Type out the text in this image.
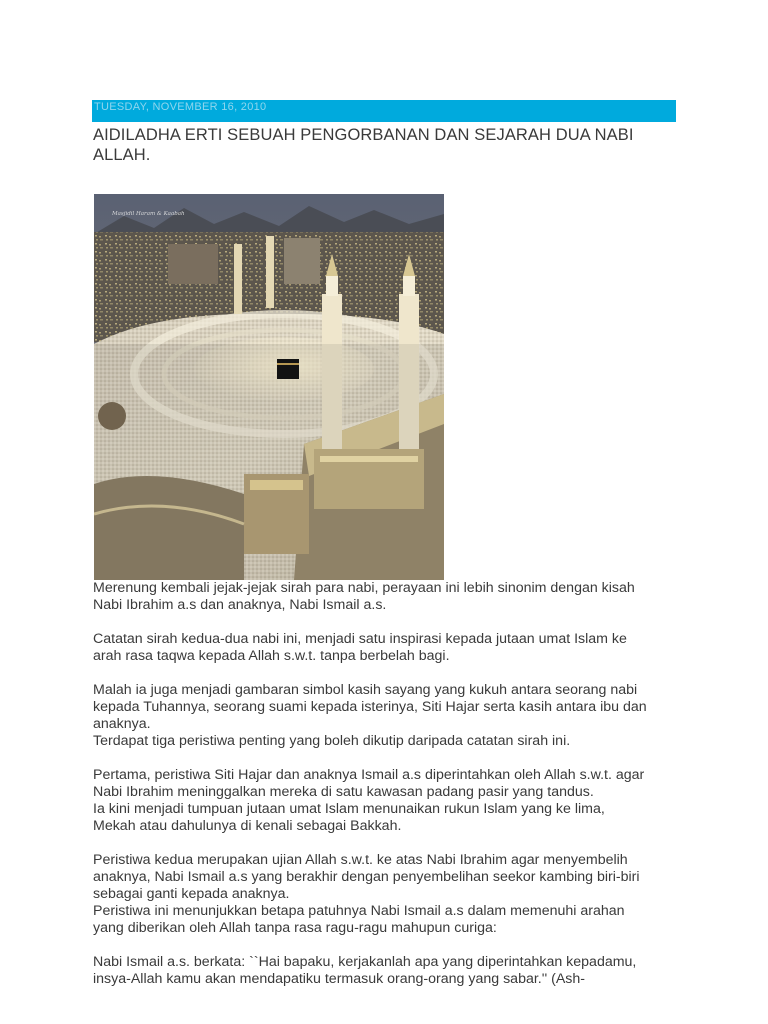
TUESDAY, NOVEMBER 16, 2010
AIDILADHA ERTI SEBUAH PENGORBANAN DAN SEJARAH DUA NABI
ALLAH.
Masjidil Haram & Kaabah

Merenung kembali jejak-jejak sirah para nabi, perayaan ini lebih sinonim dengan kisah
Nabi Ibrahim a.s dan anaknya, Nabi Ismail a.s.

Catatan sirah kedua-dua nabi ini, menjadi satu inspirasi kepada jutaan umat Islam ke
arah rasa taqwa kepada Allah s.w.t. tanpa berbelah bagi.

Malah ia juga menjadi gambaran simbol kasih sayang yang kukuh antara seorang nabi
kepada Tuhannya, seorang suami kepada isterinya, Siti Hajar serta kasih antara ibu dan
anaknya.

Terdapat tiga peristiwa penting yang boleh dikutip daripada catatan sirah ini.

Pertama, peristiwa Siti Hajar dan anaknya Ismail a.s diperintahkan oleh Allah s.w.t. agar
Nabi Ibrahim meninggalkan mereka di satu kawasan padang pasir yang tandus.

Ia kini menjadi tumpuan jutaan umat Islam menunaikan rukun Islam yang ke lima,
Mekah atau dahulunya di kenali sebagai Bakkah.

Peristiwa kedua merupakan ujian Allah s.w.t. ke atas Nabi Ibrahim agar menyembelih
anaknya, Nabi Ismail a.s yang berakhir dengan penyembelihan seekor kambing biri-biri
sebagai ganti kepada anaknya.

Peristiwa ini menunjukkan betapa patuhnya Nabi Ismail a.s dalam memenuhi arahan
yang diberikan oleh Allah tanpa rasa ragu-ragu mahupun curiga:

Nabi Ismail a.s. berkata: ``Hai bapaku, kerjakanlah apa yang diperintahkan kepadamu,
insya-Allah kamu akan mendapatiku termasuk orang-orang yang sabar.'' (Ash-
